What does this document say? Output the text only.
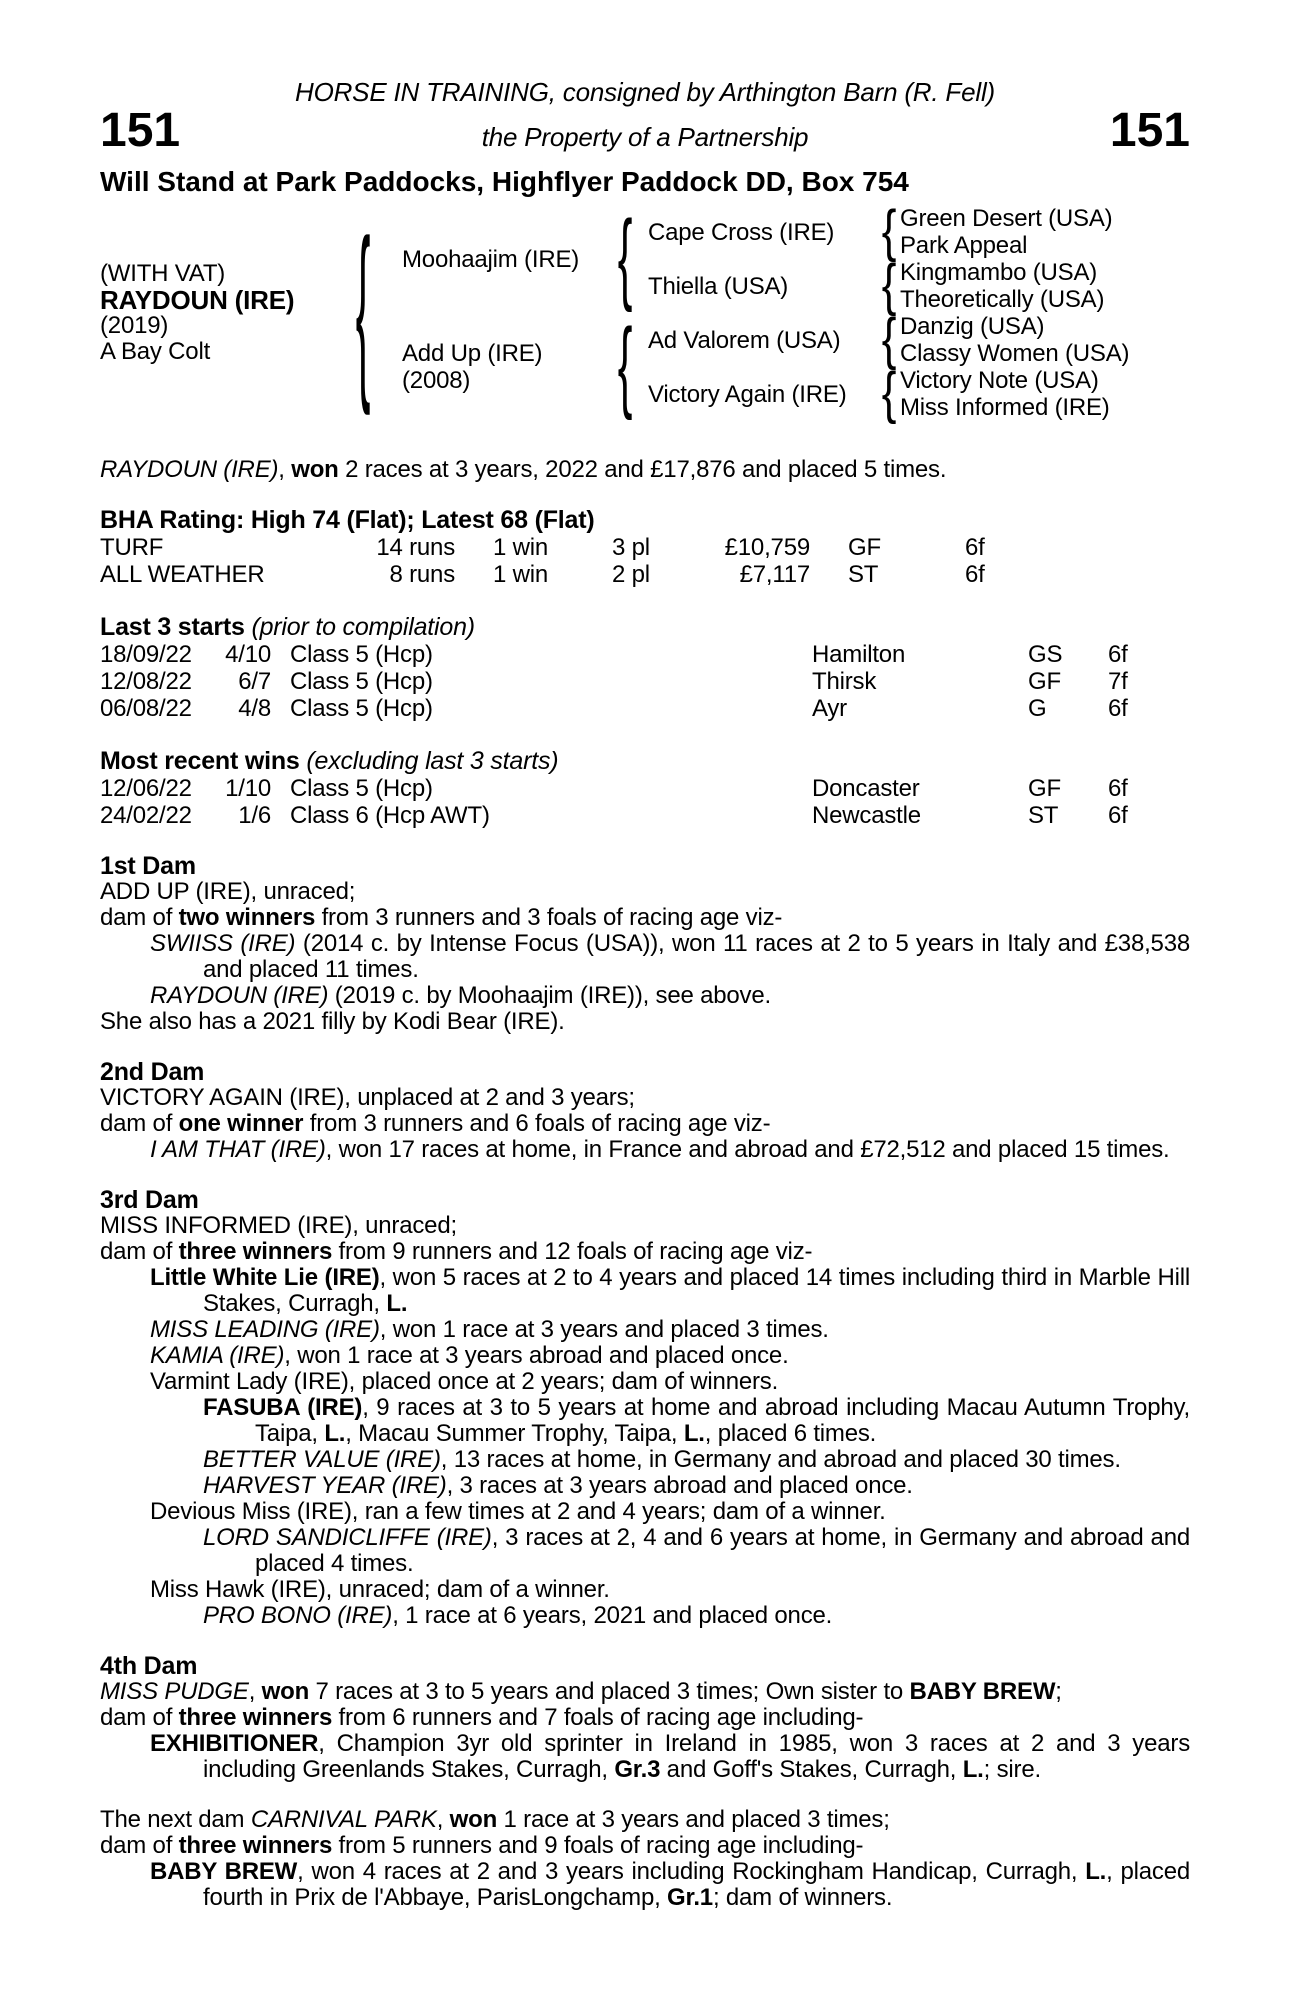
HORSE IN TRAINING, consigned by Arthington Barn (R. Fell)
151	the Property of a Partnership	151
Will Stand at Park Paddocks, Highflyer Paddock DD, Box 754
(WITH VAT)
RAYDOUN (IRE)
(2019)
A Bay Colt	{	Moohaajim (IRE) { Cape Cross (IRE)	{ Green Desert (USA)
Park Appeal
Thiella (USA)	{ Kingmambo (USA)
Theoretically (USA)
Add Up (IRE)
(2008)	{ Ad Valorem (USA) { Danzig (USA)
Classy Women (USA)
Victory Again (IRE) { Victory Note (USA)
Miss Informed (IRE)
RAYDOUN (IRE), won 2 races at 3 years, 2022 and £17,876 and placed 5 times.
BHA Rating: High 74 (Flat); Latest 68 (Flat)
TURF	14 runs	1 win	3 pl	£10,759	GF	6f
ALL WEATHER	8 runs	1 win	2 pl	£7,117	ST	6f
Last 3 starts (prior to compilation)
18/09/22	4/10 Class 5 (Hcp)	Hamilton	GS	6f
12/08/22	6/7 Class 5 (Hcp)	Thirsk	GF	7f
06/08/22	4/8 Class 5 (Hcp)	Ayr	G	6f
Most recent wins (excluding last 3 starts)
12/06/22	1/10 Class 5 (Hcp)	Doncaster	GF	6f
24/02/22	1/6 Class 6 (Hcp AWT)	Newcastle	ST	6f
1st Dam
ADD UP (IRE), unraced;
dam of two winners from 3 runners and 3 foals of racing age viz-
SWIISS (IRE) (2014 c. by Intense Focus (USA)), won 11 races at 2 to 5 years in Italy and £38,538 and placed 11 times.
RAYDOUN (IRE) (2019 c. by Moohaajim (IRE)), see above.
She also has a 2021 filly by Kodi Bear (IRE).
2nd Dam
VICTORY AGAIN (IRE), unplaced at 2 and 3 years;
dam of one winner from 3 runners and 6 foals of racing age viz-
I AM THAT (IRE), won 17 races at home, in France and abroad and £72,512 and placed 15 times.
3rd Dam
MISS INFORMED (IRE), unraced;
dam of three winners from 9 runners and 12 foals of racing age viz-
Little White Lie (IRE), won 5 races at 2 to 4 years and placed 14 times including third in Marble Hill Stakes, Curragh, L.
MISS LEADING (IRE), won 1 race at 3 years and placed 3 times.
KAMIA (IRE), won 1 race at 3 years abroad and placed once.
Varmint Lady (IRE), placed once at 2 years; dam of winners.
FASUBA (IRE), 9 races at 3 to 5 years at home and abroad including Macau Autumn Trophy, Taipa, L., Macau Summer Trophy, Taipa, L., placed 6 times.
BETTER VALUE (IRE), 13 races at home, in Germany and abroad and placed 30 times.
HARVEST YEAR (IRE), 3 races at 3 years abroad and placed once.
Devious Miss (IRE), ran a few times at 2 and 4 years; dam of a winner.
LORD SANDICLIFFE (IRE), 3 races at 2, 4 and 6 years at home, in Germany and abroad and placed 4 times.
Miss Hawk (IRE), unraced; dam of a winner.
PRO BONO (IRE), 1 race at 6 years, 2021 and placed once.
4th Dam
MISS PUDGE, won 7 races at 3 to 5 years and placed 3 times; Own sister to BABY BREW;
dam of three winners from 6 runners and 7 foals of racing age including-
EXHIBITIONER, Champion 3yr old sprinter in Ireland in 1985, won 3 races at 2 and 3 years including Greenlands Stakes, Curragh, Gr.3 and Goff's Stakes, Curragh, L.; sire.
The next dam CARNIVAL PARK, won 1 race at 3 years and placed 3 times;
dam of three winners from 5 runners and 9 foals of racing age including-
BABY BREW, won 4 races at 2 and 3 years including Rockingham Handicap, Curragh, L., placed fourth in Prix de l'Abbaye, ParisLongchamp, Gr.1; dam of winners.
